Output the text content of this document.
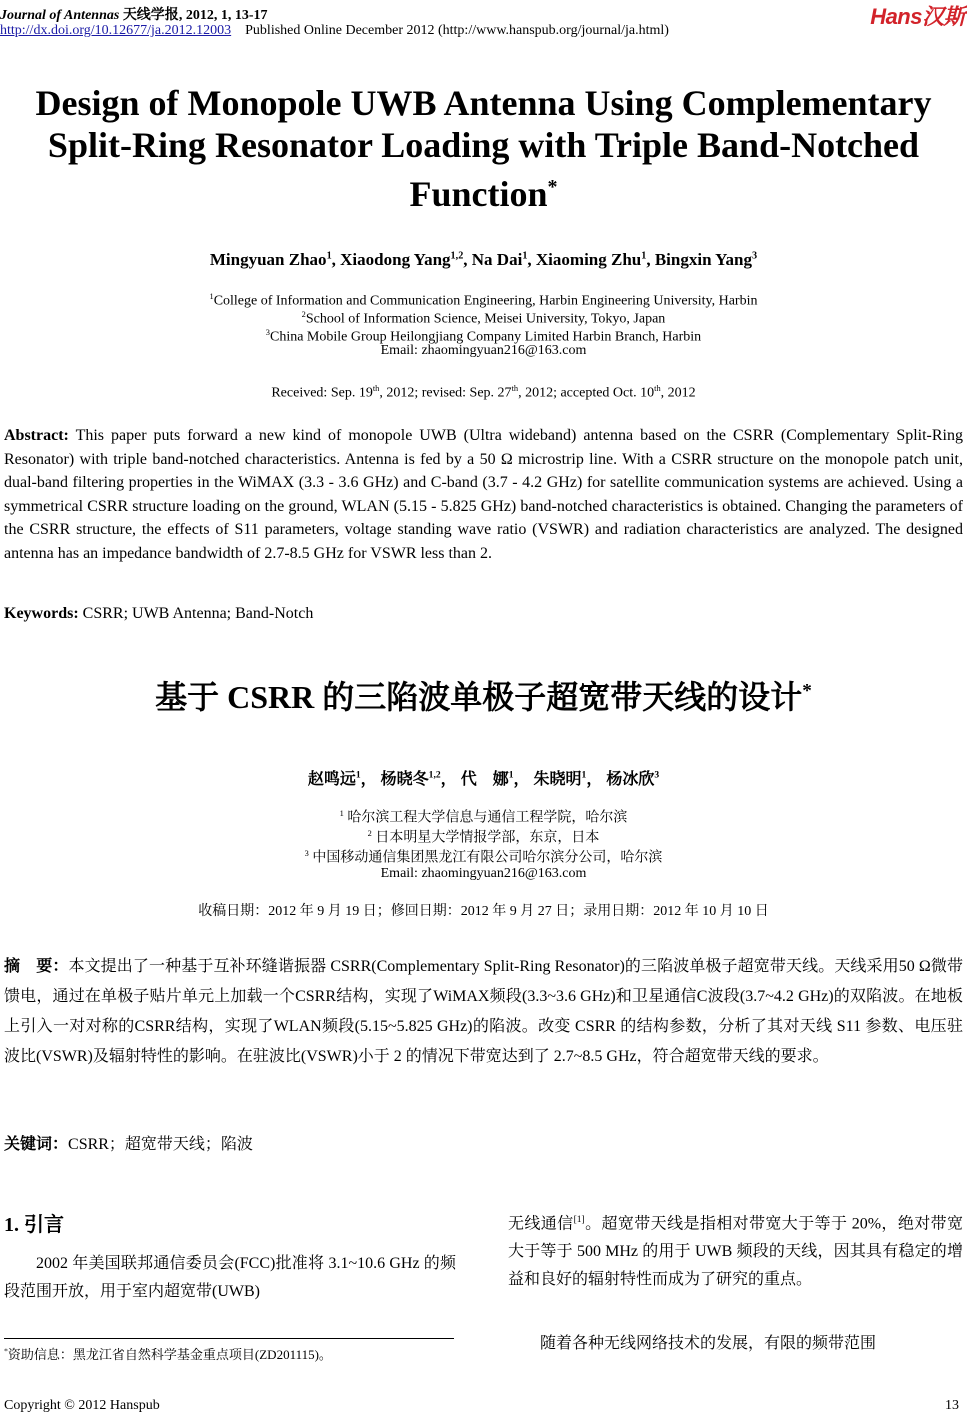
Journal of Antennas 天线学报, 2012, 1, 13-17
http://dx.doi.org/10.12677/ja.2012.12003 Published Online December 2012 (http://www.hanspub.org/journal/ja.html)
Hans汉斯
Design of Monopole UWB Antenna Using Complementary Split-Ring Resonator Loading with Triple Band-Notched Function*
Mingyuan Zhao$^1$, Xiaodong Yang$^{1,2}$, Na Dai$^1$, Xiaoming Zhu$^1$, Bingxin Yang$^3$
$^1$College of Information and Communication Engineering, Harbin Engineering University, Harbin
$^2$School of Information Science, Meisei University, Tokyo, Japan
$^3$China Mobile Group Heilongjiang Company Limited Harbin Branch, Harbin
Email: zhaomingyuan216@163.com
Received: Sep. 19th, 2012; revised: Sep. 27th, 2012; accepted Oct. 10th, 2012
Abstract: This paper puts forward a new kind of monopole UWB (Ultra wideband) antenna based on the CSRR (Complementary Split-Ring Resonator) with triple band-notched characteristics. Antenna is fed by a 50 Ω microstrip line. With a CSRR structure on the monopole patch unit, dual-band filtering properties in the WiMAX (3.3 - 3.6 GHz) and C-band (3.7 - 4.2 GHz) for satellite communication systems are achieved. Using a symmetrical CSRR structure loading on the ground, WLAN (5.15 - 5.825 GHz) band-notched characteristics is obtained. Changing the parameters of the CSRR structure, the effects of S11 parameters, voltage standing wave ratio (VSWR) and radiation characteristics are analyzed. The designed antenna has an impedance bandwidth of 2.7-8.5 GHz for VSWR less than 2.
Keywords: CSRR; UWB Antenna; Band-Notch
基于 CSRR 的三陷波单极子超宽带天线的设计*
赵鸣远$^1$， 杨晓冬$^{1,2}$， 代　娜$^1$， 朱晓明$^1$， 杨冰欣$^3$
$^1$ 哈尔滨工程大学信息与通信工程学院，哈尔滨
$^2$ 日本明星大学情报学部，东京，日本
$^3$ 中国移动通信集团黑龙江有限公司哈尔滨分公司，哈尔滨
Email: zhaomingyuan216@163.com
收稿日期：2012 年 9 月 19 日；修回日期：2012 年 9 月 27 日；录用日期：2012 年 10 月 10 日
摘　要：本文提出了一种基于互补环缝谐振器 CSRR(Complementary Split-Ring Resonator)的三陷波单极子超宽带天线。天线采用50 Ω微带馈电，通过在单极子贴片单元上加载一个CSRR结构，实现了WiMAX频段(3.3~3.6 GHz)和卫星通信C波段(3.7~4.2 GHz)的双陷波。在地板上引入一对对称的CSRR结构，实现了WLAN频段(5.15~5.825 GHz)的陷波。改变 CSRR 的结构参数，分析了其对天线 S11 参数、电压驻波比(VSWR)及辐射特性的影响。在驻波比(VSWR)小于 2 的情况下带宽达到了 2.7~8.5 GHz，符合超宽带天线的要求。
关键词：CSRR；超宽带天线；陷波
1. 引言
2002 年美国联邦通信委员会(FCC)批准将 3.1~10.6 GHz 的频段范围开放，用于室内超宽带(UWB)
无线通信[1]。超宽带天线是指相对带宽大于等于 20%，绝对带宽大于等于 500 MHz 的用于 UWB 频段的天线，因其具有稳定的增益和良好的辐射特性而成为了研究的重点。
随着各种无线网络技术的发展，有限的频带范围
*资助信息：黑龙江省自然科学基金重点项目(ZD201115)。
Copyright © 2012 Hanspub	13
